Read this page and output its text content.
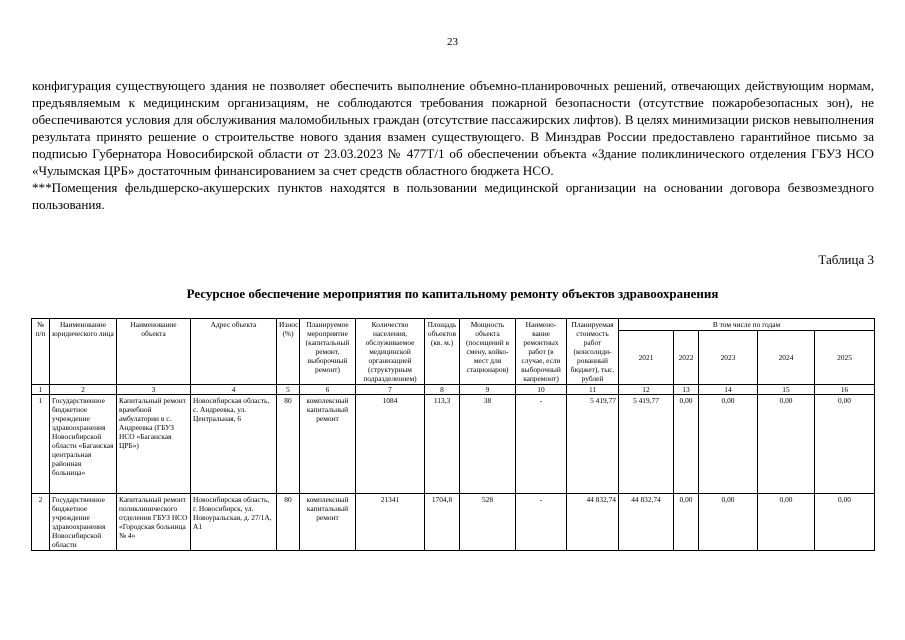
23

конфигурация существующего здания не позволяет обеспечить выполнение объемно-планировочных решений, отвечающих действующим нормам, предъявляемым к медицинским организациям, не соблюдаются требования пожарной безопасности (отсутствие пожаробезопасных зон), не обеспечиваются условия для обслуживания маломобильных граждан (отсутствие пассажирских лифтов). В целях минимизации рисков невыполнения результата принято решение о строительстве нового здания взамен существующего. В Минздрав России предоставлено гарантийное письмо за подписью Губернатора Новосибирской области от 23.03.2023 № 477Т/1 об обеспечении объекта «Здание поликлинического отделения ГБУЗ НСО «Чулымская ЦРБ» достаточным финансированием за счет средств областного бюджета НСО.

***Помещения фельдшерско-акушерских пунктов находятся в пользовании медицинской организации на основании договора безвозмездного пользования.

Таблица 3
Ресурсное обеспечение мероприятия по капитальному ремонту объектов здравоохранения
№ п/п	Наименование юридического лица	Наименование объекта	Адрес объекта	Износ (%)	Планируемое мероприятие (капитальный ремонт, выборочный ремонт)	Количество населения, обслуживаемое медицинской организацией (структурным подразделением)	Площадь объектов (кв. м.)	Мощность объекта (посещений в смену, койко-мест для стационаров)	Наимено-вание ремонтных работ (в случае, если выборочный капремонт)	Планируемая стоимость работ (консолиди-рованный бюджет), тыс. рублей	В том числе по годам				
											2021	2022	2023	2024	2025
1	2	3	4	5	6	7	8	9	10	11	12	13	14	15	16
1	Государственное бюджетное учреждение здравоохранения Новосибирской области «Баганская центральная районная больница»	Капитальный ремонт врачебной амбулатории в с. Андреевка (ГБУЗ НСО «Баганская ЦРБ»)	Новосибирская область, с. Андреевка, ул. Центральная, 6	80	комплексный капитальный ремонт	1084	113,3	38	-	5 419,77	5 419,77	0,00	0,00	0,00	0,00
2	Государственное бюджетное учреждение здравоохранения Новосибирской области	Капитальный ремонт поликлинического отделения ГБУЗ НСО «Городская больница № 4»	Новосибирская область, г. Новосибирск, ул. Новоуральская, д. 27/1А, А1	80	комплексный капитальный ремонт	21341	1704,8	528	-	44 832,74	44 832,74	0,00	0,00	0,00	0,00
